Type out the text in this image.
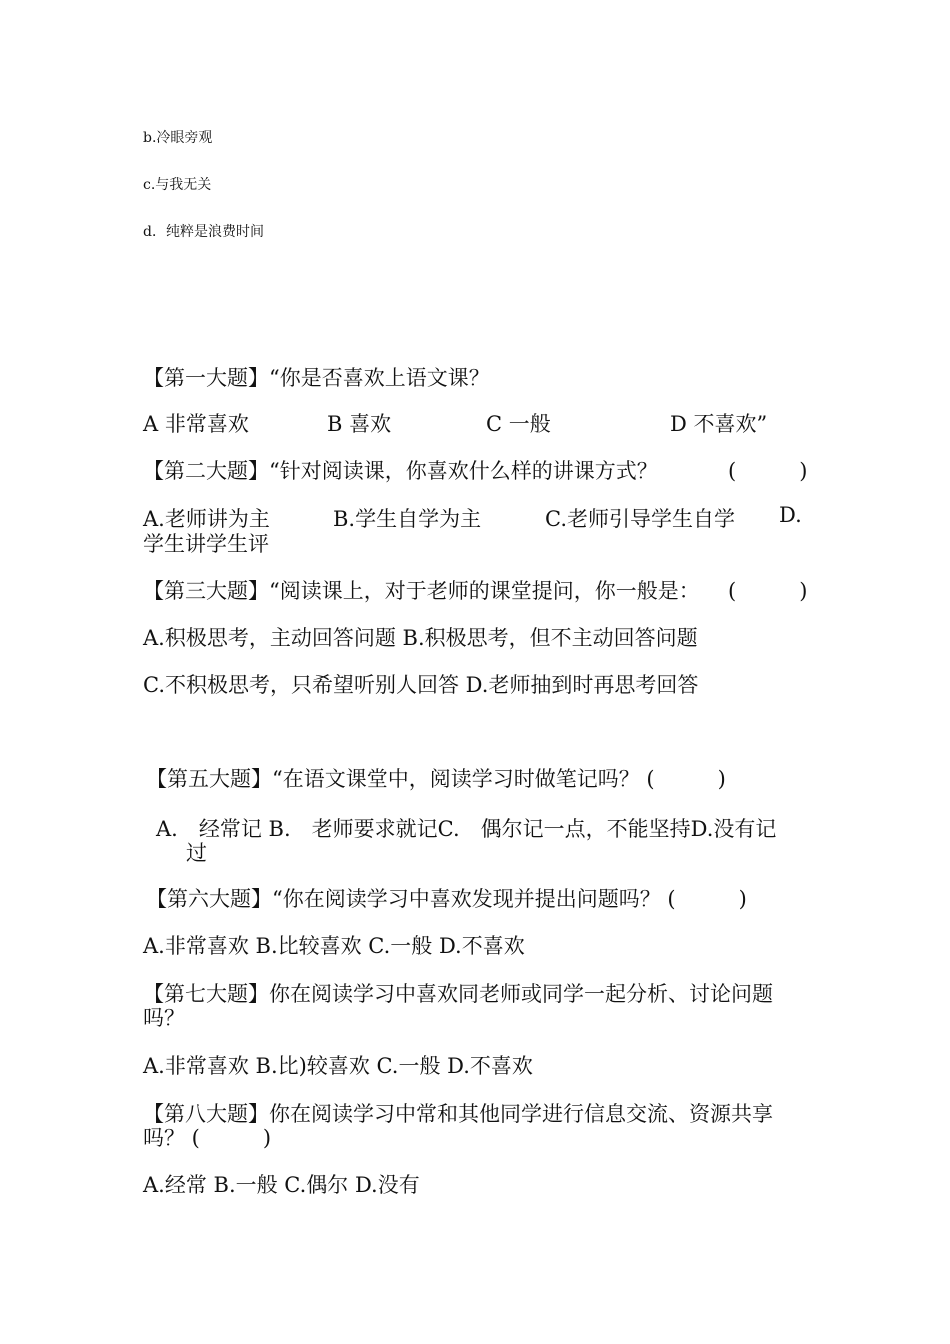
b.冷眼旁观
c.与我无关
d．纯粹是浪费时间
【第一大题】“你是否喜欢上语文课？
A 非常喜欢	B 喜欢	C 一般	D 不喜欢”
【第二大题】“针对阅读课，你喜欢什么样的讲课方式？	(　　　)
A.老师讲为主	B.学生自学为主	C.老师引导学生自学 D.
学生讲学生评
【第三大题】“阅读课上，对于老师的课堂提问，你一般是： (　　　)
A.积极思考，主动回答问题 B.积极思考，但不主动回答问题
C.不积极思考，只希望听别人回答 D.老师抽到时再思考回答
【第五大题】“在语文课堂中，阅读学习时做笔记吗？ (　　　)
A.　经常记 B.　老师要求就记C.　偶尔记一点，不能坚持D.没有记
过
【第六大题】“你在阅读学习中喜欢发现并提出问题吗？ (　　　)
A.非常喜欢 B.比较喜欢 C.一般 D.不喜欢
【第七大题】你在阅读学习中喜欢同老师或同学一起分析、讨论问题
吗？
A.非常喜欢 B.比)较喜欢 C.一般 D.不喜欢
【第八大题】你在阅读学习中常和其他同学进行信息交流、资源共享
吗？ (　　　)
A.经常 B.一般 C.偶尔 D.没有
